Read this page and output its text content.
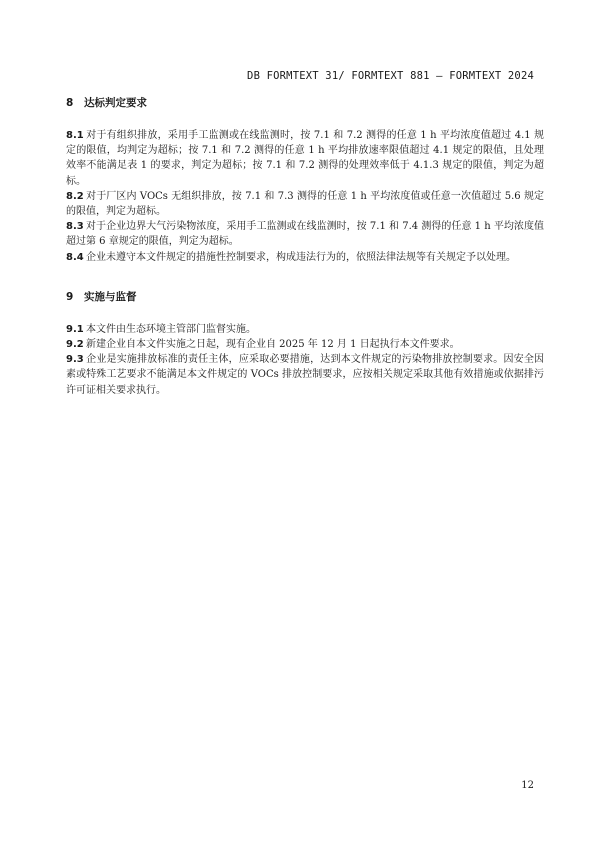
DB FORMTEXT 31/ FORMTEXT 881 — FORMTEXT 2024
8 达标判定要求

8.1 对于有组织排放，采用手工监测或在线监测时，按 7.1 和 7.2 测得的任意 1 h 平均浓度值超过 4.1 规定的限值，均判定为超标；按 7.1 和 7.2 测得的任意 1 h 平均排放速率限值超过 4.1 规定的限值，且处理效率不能满足表 1 的要求，判定为超标；按 7.1 和 7.2 测得的处理效率低于 4.1.3 规定的限值，判定为超标。

8.2 对于厂区内 VOCs 无组织排放，按 7.1 和 7.3 测得的任意 1 h 平均浓度值或任意一次值超过 5.6 规定的限值，判定为超标。

8.3 对于企业边界大气污染物浓度，采用手工监测或在线监测时，按 7.1 和 7.4 测得的任意 1 h 平均浓度值超过第 6 章规定的限值，判定为超标。

8.4 企业未遵守本文件规定的措施性控制要求，构成违法行为的，依照法律法规等有关规定予以处理。

9 实施与监督

9.1 本文件由生态环境主管部门监督实施。

9.2 新建企业自本文件实施之日起，现有企业自 2025 年 12 月 1 日起执行本文件要求。

9.3 企业是实施排放标准的责任主体，应采取必要措施，达到本文件规定的污染物排放控制要求。因安全因素或特殊工艺要求不能满足本文件规定的 VOCs 排放控制要求，应按相关规定采取其他有效措施或依据排污许可证相关要求执行。

12
